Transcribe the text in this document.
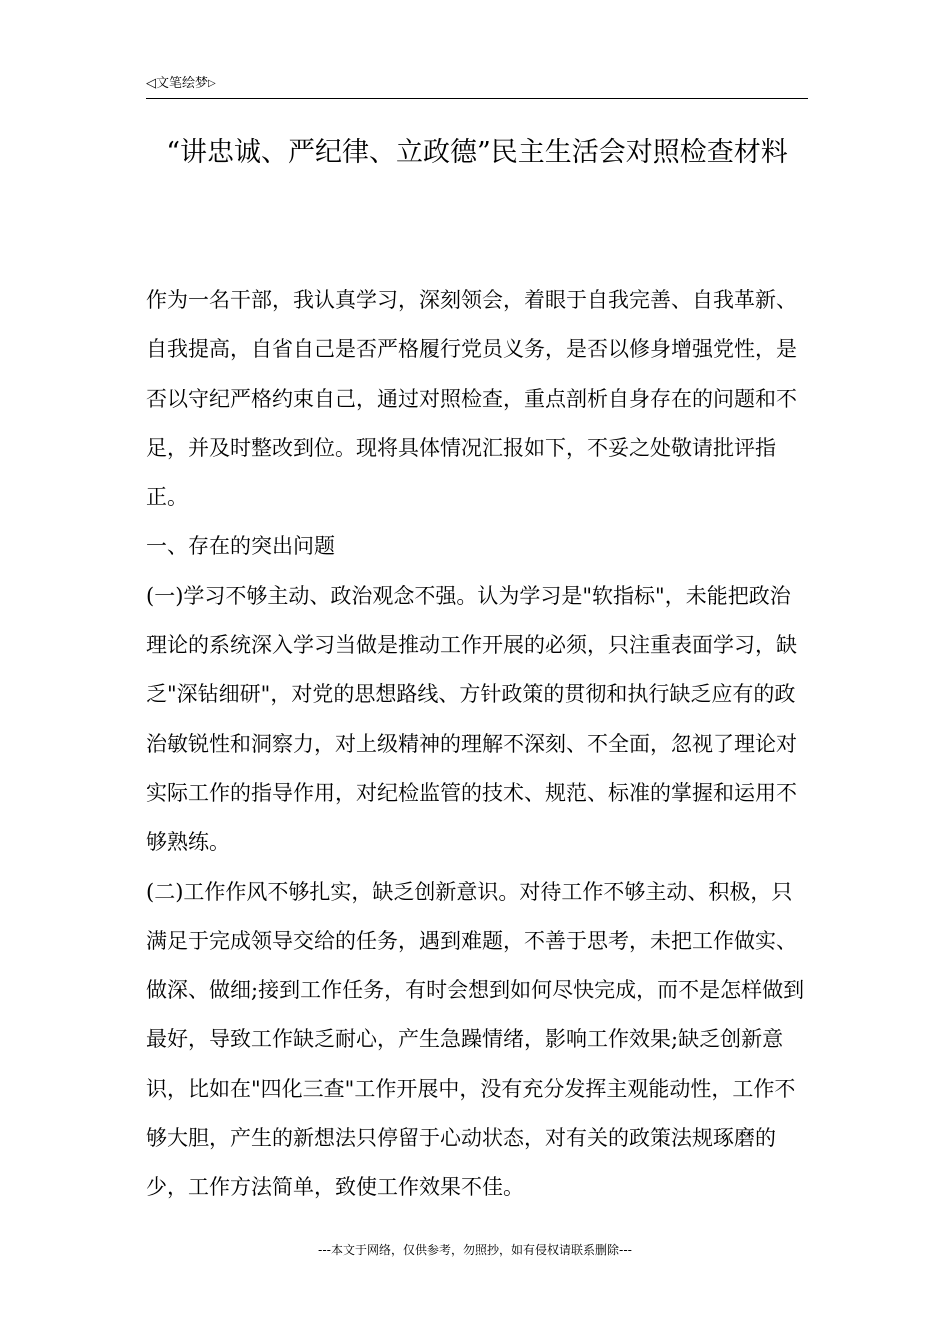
◁文笔绘梦▷
“讲忠诚、严纪律、立政德”民主生活会对照检查材料

作为一名干部，我认真学习，深刻领会，着眼于自我完善、自我革新、自我提高，自省自己是否严格履行党员义务，是否以修身增强党性，是否以守纪严格约束自己，通过对照检查，重点剖析自身存在的问题和不足，并及时整改到位。现将具体情况汇报如下，不妥之处敬请批评指正。

一、存在的突出问题

(一)学习不够主动、政治观念不强。认为学习是"软指标"，未能把政治理论的系统深入学习当做是推动工作开展的必须，只注重表面学习，缺乏"深钻细研"，对党的思想路线、方针政策的贯彻和执行缺乏应有的政治敏锐性和洞察力，对上级精神的理解不深刻、不全面，忽视了理论对实际工作的指导作用，对纪检监管的技术、规范、标准的掌握和运用不够熟练。

(二)工作作风不够扎实，缺乏创新意识。对待工作不够主动、积极，只满足于完成领导交给的任务，遇到难题，不善于思考，未把工作做实、做深、做细;接到工作任务，有时会想到如何尽快完成，而不是怎样做到最好，导致工作缺乏耐心，产生急躁情绪，影响工作效果;缺乏创新意识，比如在"四化三查"工作开展中，没有充分发挥主观能动性，工作不够大胆，产生的新想法只停留于心动状态，对有关的政策法规琢磨的少，工作方法简单，致使工作效果不佳。

---本文于网络，仅供参考，勿照抄，如有侵权请联系删除---
